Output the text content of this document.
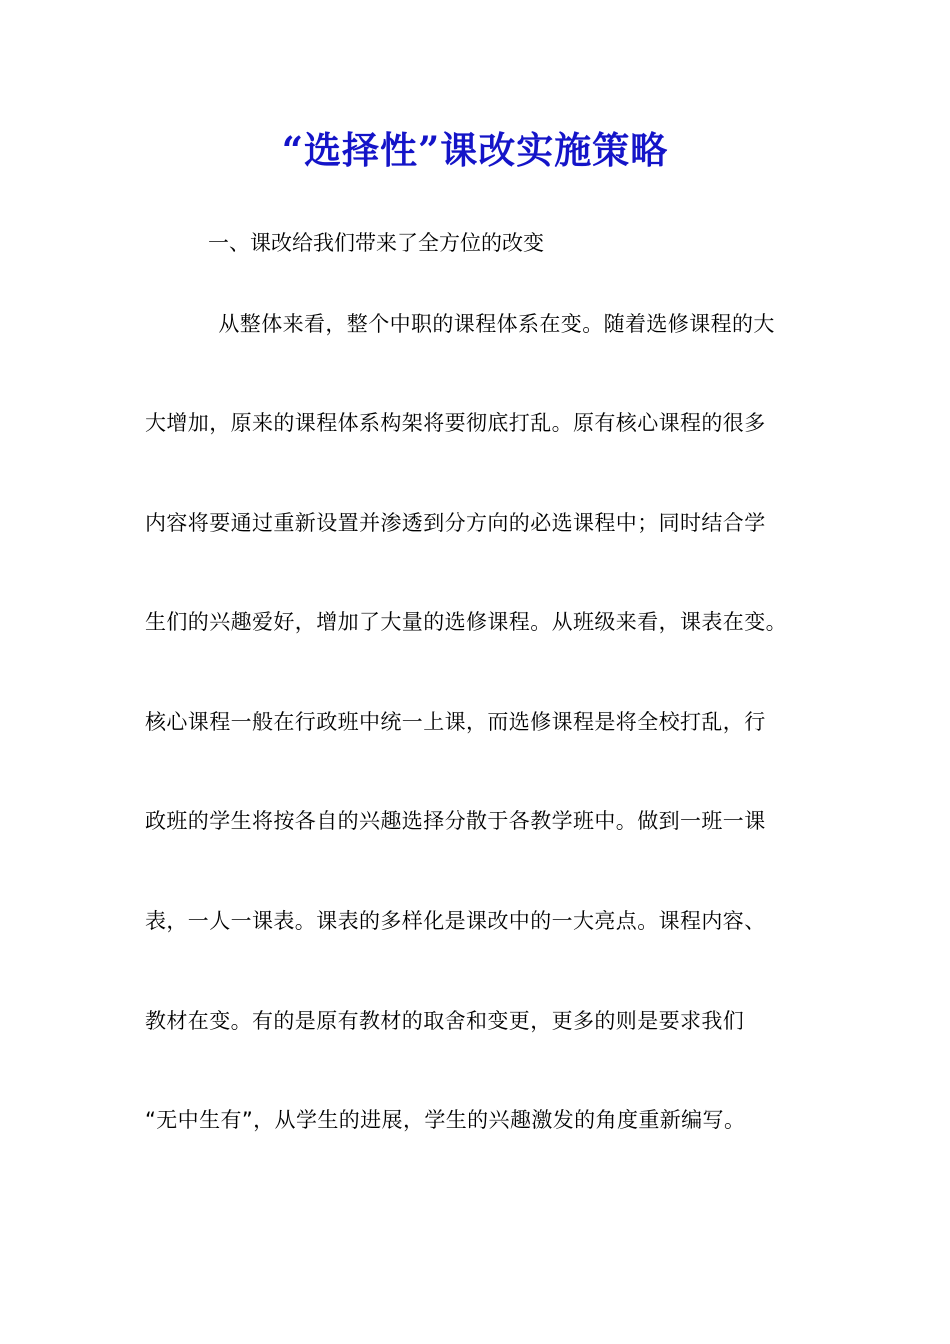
“选择性”课改实施策略
一、课改给我们带来了全方位的改变
　从整体来看，整个中职的课程体系在变。随着选修课程的大
大增加，原来的课程体系构架将要彻底打乱。原有核心课程的很多
内容将要通过重新设置并渗透到分方向的必选课程中；同时结合学
生们的兴趣爱好，增加了大量的选修课程。从班级来看，课表在变。
核心课程一般在行政班中统一上课，而选修课程是将全校打乱，行
政班的学生将按各自的兴趣选择分散于各教学班中。做到一班一课
表，一人一课表。课表的多样化是课改中的一大亮点。课程内容、
教材在变。有的是原有教材的取舍和变更，更多的则是要求我们
“无中生有”，从学生的进展，学生的兴趣激发的角度重新编写。
